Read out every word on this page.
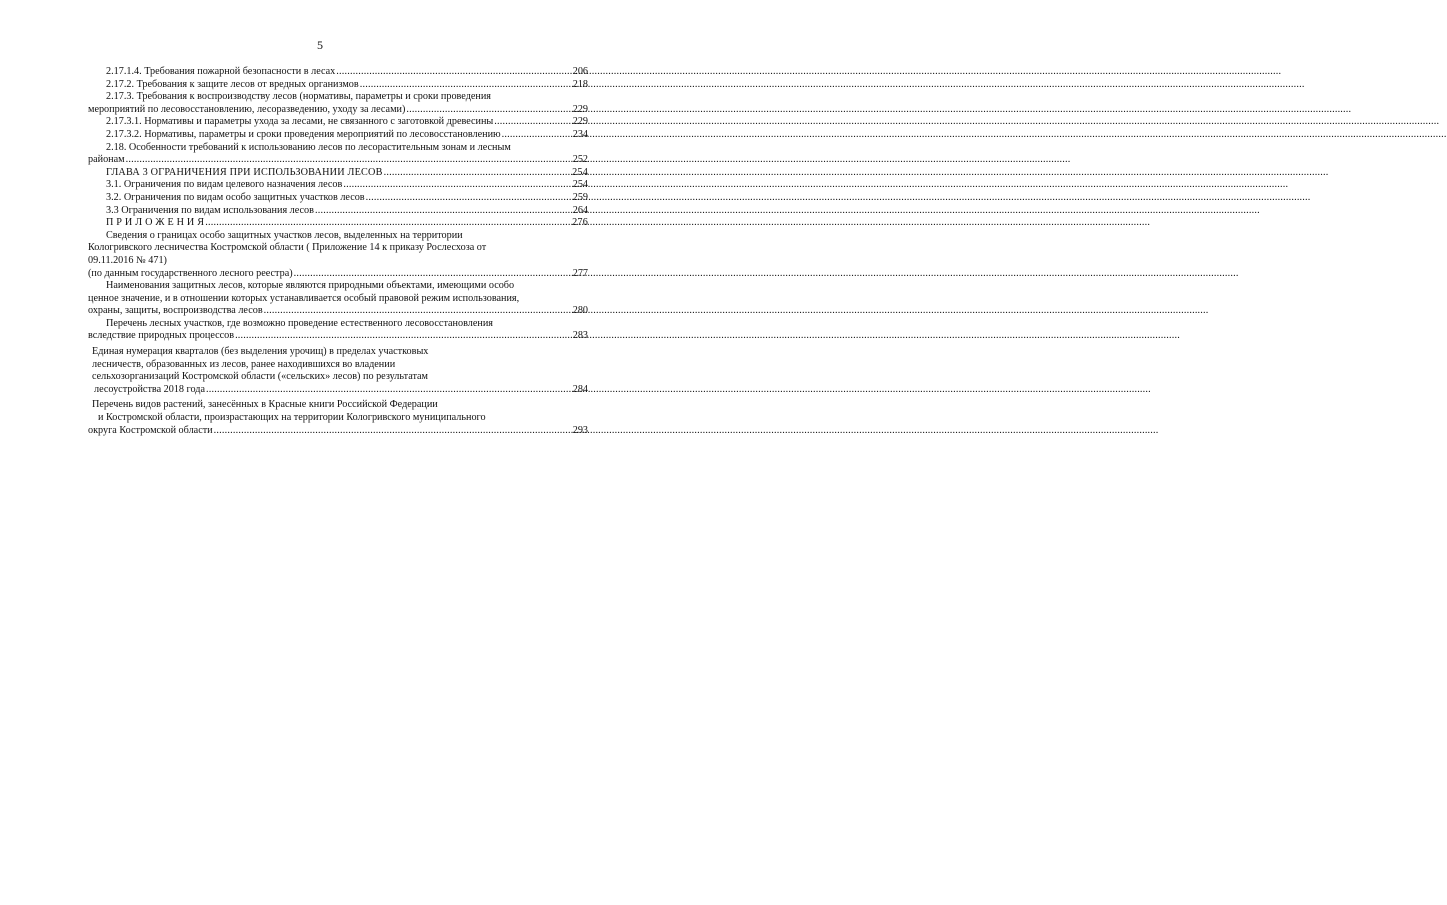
5
2.17.1.4. Требования пожарной безопасности в лесах .....	206
2.17.2. Требования к защите лесов от вредных организмов .....	218
2.17.3. Требования к воспроизводству лесов (нормативы, параметры и сроки проведения
мероприятий по лесовосстановлению, лесоразведению, уходу за лесами) .....	229
2.17.3.1. Нормативы и параметры ухода за лесами, не связанного с заготовкой древесины .....	229
2.17.3.2. Нормативы, параметры и сроки проведения мероприятий по лесовосстановлению .....	234
2.18. Особенности требований к использованию лесов по лесорастительным зонам и лесным
районам .....	252
ГЛАВА 3 ОГРАНИЧЕНИЯ ПРИ ИСПОЛЬЗОВАНИИ ЛЕСОВ .....	254
3.1. Ограничения по видам целевого назначения лесов .....	254
3.2. Ограничения по видам особо защитных участков лесов .....	259
3.3 Ограничения по видам использования лесов .....	264
П Р И Л О Ж Е Н И Я .....	276
Сведения о границах особо защитных участков лесов, выделенных на территории
Кологривского лесничества Костромской области ( Приложение 14 к приказу Рослесхоза от
09.11.2016 № 471)
(по данным государственного лесного реестра) .....	277
Наименования защитных лесов, которые являются природными объектами, имеющими особо
ценное значение, и в отношении которых устанавливается особый правовой режим использования,
охраны, защиты, воспроизводства лесов .....	280
Перечень лесных участков, где возможно проведение естественного лесовосстановления
вследствие природных процессов .....	283
Единая нумерация кварталов (без выделения урочищ) в пределах участковых
лесничеств, образованных из лесов, ранее находившихся во владении
сельхозорганизаций Костромской области («сельских» лесов) по результатам
лесоустройства 2018 года .....	284
Перечень видов растений, занесённых в Красные книги Российской Федерации
и Костромской области, произрастающих на территории Кологривского муниципального
округа Костромской области .....	293
